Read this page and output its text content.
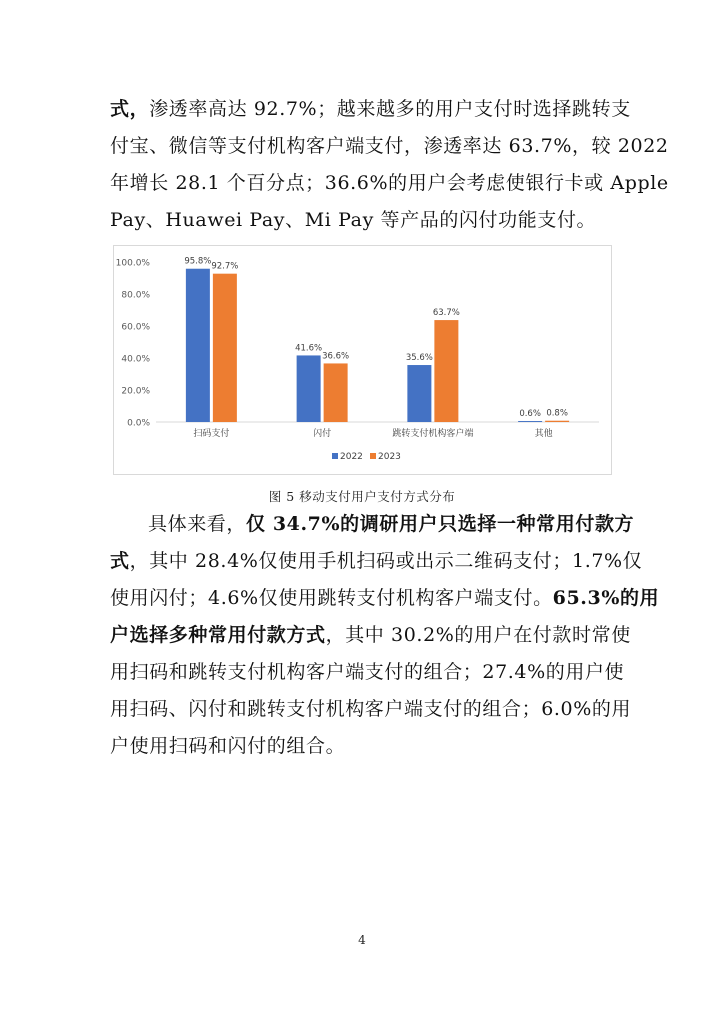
式，渗透率高达 92.7%；越来越多的用户支付时选择跳转支
付宝、微信等支付机构客户端支付，渗透率达 63.7%，较 2022
年增长 28.1 个百分点；36.6%的用户会考虑使银行卡或 Apple
Pay、Huawei Pay、Mi Pay 等产品的闪付功能支付。
0.0%
20.0%
40.0%
60.0%
80.0%
100.0%	95.8% 92.7%
扫码支付
41.6%
36.6%
闪付
35.6%
63.7%
跳转支付机构客户端
0.6% 0.8%
其他
2022 2023
图 5 移动支付用户支付方式分布
具体来看，仅 34.7%的调研用户只选择一种常用付款方
式，其中 28.4%仅使用手机扫码或出示二维码支付；1.7%仅
使用闪付；4.6%仅使用跳转支付机构客户端支付。65.3%的用
户选择多种常用付款方式，其中 30.2%的用户在付款时常使
用扫码和跳转支付机构客户端支付的组合；27.4%的用户使
用扫码、闪付和跳转支付机构客户端支付的组合；6.0%的用
户使用扫码和闪付的组合。
4
